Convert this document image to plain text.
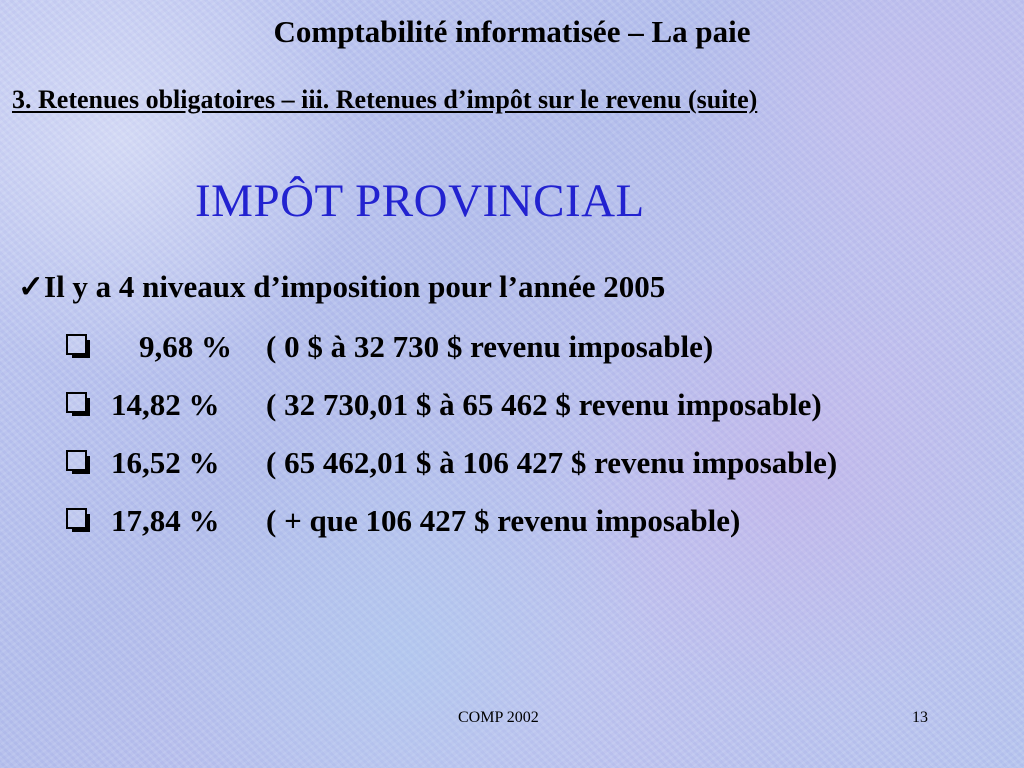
Comptabilité informatisée – La paie
3. Retenues obligatoires – iii. Retenues d’impôt sur le revenu (suite)
IMPÔT PROVINCIAL
✓Il y a 4 niveaux d’imposition pour l’année 2005
9,68 % ( 0 $ à 32 730 $ revenu imposable)
14,82 % ( 32 730,01 $ à 65 462 $ revenu imposable)
16,52 % ( 65 462,01 $ à 106 427 $ revenu imposable)
17,84 % ( + que 106 427 $ revenu imposable)
COMP 2002	13
